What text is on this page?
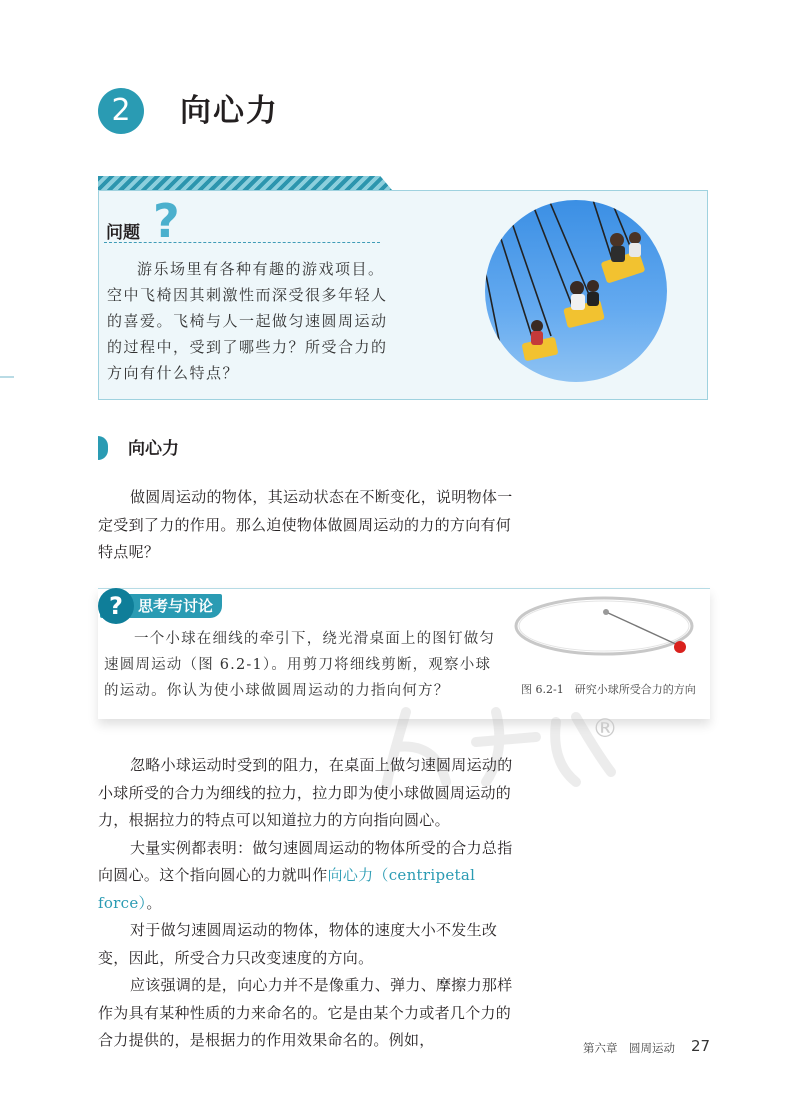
2	向心力
问题 ?
游乐场里有各种有趣的游戏项目。空中飞椅因其刺激性而深受很多年轻人的喜爱。飞椅与人一起做匀速圆周运动的过程中，受到了哪些力？所受合力的方向有什么特点？
向心力
做圆周运动的物体，其运动状态在不断变化，说明物体一定受到了力的作用。那么迫使物体做圆周运动的力的方向有何特点呢？
?	思考与讨论
一个小球在细线的牵引下，绕光滑桌面上的图钉做匀速圆周运动（图 6.2-1）。用剪刀将细线剪断，观察小球的运动。你认为使小球做圆周运动的力指向何方？	图 6.2-1　研究小球所受合力的方向
®
忽略小球运动时受到的阻力，在桌面上做匀速圆周运动的小球所受的合力为细线的拉力，拉力即为使小球做圆周运动的力，根据拉力的特点可以知道拉力的方向指向圆心。
大量实例都表明：做匀速圆周运动的物体所受的合力总指向圆心。这个指向圆心的力就叫作向心力（centripetal force）。
对于做匀速圆周运动的物体，物体的速度大小不发生改变，因此，所受合力只改变速度的方向。
应该强调的是，向心力并不是像重力、弹力、摩擦力那样作为具有某种性质的力来命名的。它是由某个力或者几个力的合力提供的，是根据力的作用效果命名的。例如，	第六章　圆周运动 27
